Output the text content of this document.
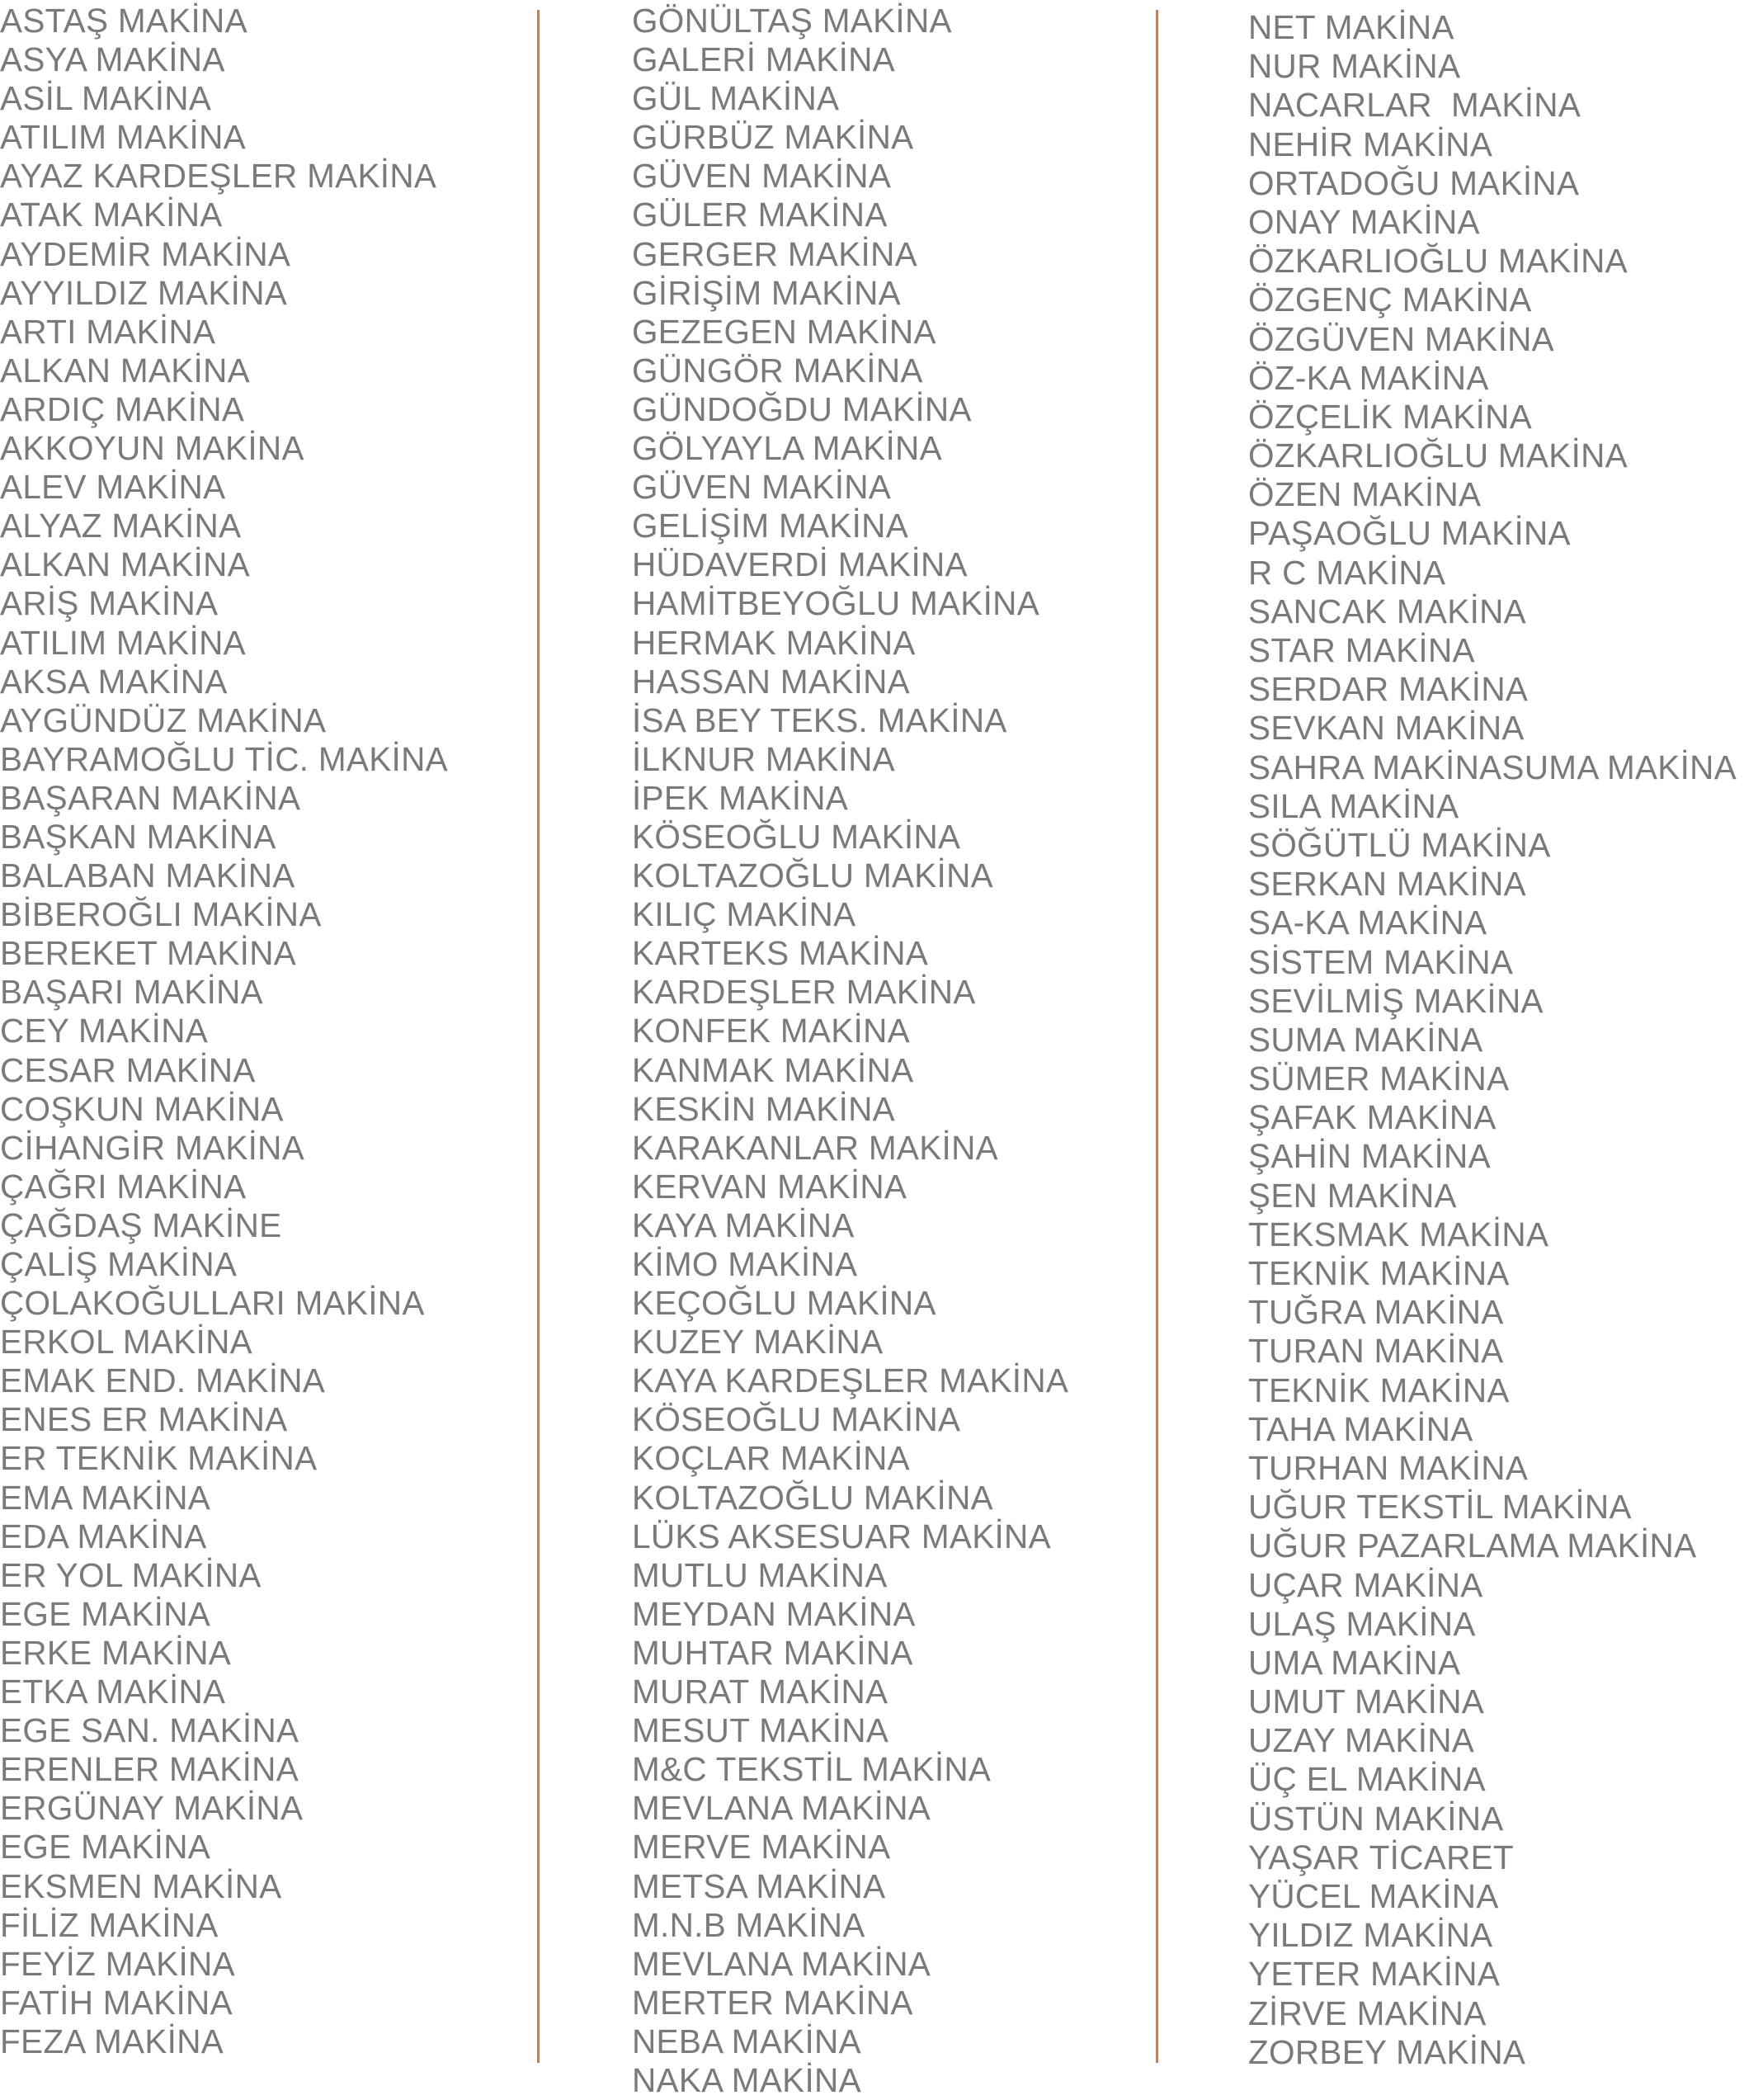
ASTAŞ MAKİNA
ASYA MAKİNA
ASİL MAKİNA
ATILIM MAKİNA
AYAZ KARDEŞLER MAKİNA
ATAK MAKİNA
AYDEMİR MAKİNA
AYYILDIZ MAKİNA
ARTI MAKİNA
ALKAN MAKİNA
ARDIÇ MAKİNA
AKKOYUN MAKİNA
ALEV MAKİNA
ALYAZ MAKİNA
ALKAN MAKİNA
ARİŞ MAKİNA
ATILIM MAKİNA
AKSA MAKİNA
AYGÜNDÜZ MAKİNA
BAYRAMOĞLU TİC. MAKİNA
BAŞARAN MAKİNA
BAŞKAN MAKİNA
BALABAN MAKİNA
BİBEROĞLI MAKİNA
BEREKET MAKİNA
BAŞARI MAKİNA
CEY MAKİNA
CESAR MAKİNA
COŞKUN MAKİNA
CİHANGİR MAKİNA
ÇAĞRI MAKİNA
ÇAĞDAŞ MAKİNE
ÇALİŞ MAKİNA
ÇOLAKOĞULLARI MAKİNA
ERKOL MAKİNA
EMAK END. MAKİNA
ENES ER MAKİNA
ER TEKNİK MAKİNA
EMA MAKİNA
EDA MAKİNA
ER YOL MAKİNA
EGE MAKİNA
ERKE MAKİNA
ETKA MAKİNA
EGE SAN. MAKİNA
ERENLER MAKİNA
ERGÜNAY MAKİNA
EGE MAKİNA
EKSMEN MAKİNA
FİLİZ MAKİNA
FEYİZ MAKİNA
FATİH MAKİNA
FEZA MAKİNA
GÖNÜLTAŞ MAKİNA
GALERİ MAKİNA
GÜL MAKİNA
GÜRBÜZ MAKİNA
GÜVEN MAKİNA
GÜLER MAKİNA
GERGER MAKİNA
GİRİŞİM MAKİNA
GEZEGEN MAKİNA
GÜNGÖR MAKİNA
GÜNDOĞDU MAKİNA
GÖLYAYLA MAKİNA
GÜVEN MAKİNA
GELİŞİM MAKİNA
HÜDAVERDİ MAKİNA
HAMİTBEYOĞLU MAKİNA
HERMAK MAKİNA
HASSAN MAKİNA
İSA BEY TEKS. MAKİNA
İLKNUR MAKİNA
İPEK MAKİNA
KÖSEOĞLU MAKİNA
KOLTAZOĞLU MAKİNA
KILIÇ MAKİNA
KARTEKS MAKİNA
KARDEŞLER MAKİNA
KONFEK MAKİNA
KANMAK MAKİNA
KESKİN MAKİNA
KARAKANLAR MAKİNA
KERVAN MAKİNA
KAYA MAKİNA
KİMO MAKİNA
KEÇOĞLU MAKİNA
KUZEY MAKİNA
KAYA KARDEŞLER MAKİNA
KÖSEOĞLU MAKİNA
KOÇLAR MAKİNA
KOLTAZOĞLU MAKİNA
LÜKS AKSESUAR MAKİNA
MUTLU MAKİNA
MEYDAN MAKİNA
MUHTAR MAKİNA
MURAT MAKİNA
MESUT MAKİNA
M&C TEKSTİL MAKİNA
MEVLANA MAKİNA
MERVE MAKİNA
METSA MAKİNA
M.N.B MAKİNA
MEVLANA MAKİNA
MERTER MAKİNA
NEBA MAKİNA
NAKA MAKİNA
NET MAKİNA
NUR MAKİNA
NACARLAR  MAKİNA
NEHİR MAKİNA
ORTADOĞU MAKİNA
ONAY MAKİNA
ÖZKARLIOĞLU MAKİNA
ÖZGENÇ MAKİNA
ÖZGÜVEN MAKİNA
ÖZ-KA MAKİNA
ÖZÇELİK MAKİNA
ÖZKARLIOĞLU MAKİNA
ÖZEN MAKİNA
PAŞAOĞLU MAKİNA
R C MAKİNA
SANCAK MAKİNA
STAR MAKİNA
SERDAR MAKİNA
SEVKAN MAKİNA
SAHRA MAKİNASUMA MAKİNA
SILA MAKİNA
SÖĞÜTLÜ MAKİNA
SERKAN MAKİNA
SA-KA MAKİNA
SİSTEM MAKİNA
SEVİLMİŞ MAKİNA
SUMA MAKİNA
SÜMER MAKİNA
ŞAFAK MAKİNA
ŞAHİN MAKİNA
ŞEN MAKİNA
TEKSMAK MAKİNA
TEKNİK MAKİNA
TUĞRA MAKİNA
TURAN MAKİNA
TEKNİK MAKİNA
TAHA MAKİNA
TURHAN MAKİNA
UĞUR TEKSTİL MAKİNA
UĞUR PAZARLAMA MAKİNA
UÇAR MAKİNA
ULAŞ MAKİNA
UMA MAKİNA
UMUT MAKİNA
UZAY MAKİNA
ÜÇ EL MAKİNA
ÜSTÜN MAKİNA
YAŞAR TİCARET
YÜCEL MAKİNA
YILDIZ MAKİNA
YETER MAKİNA
ZİRVE MAKİNA
ZORBEY MAKİNA
